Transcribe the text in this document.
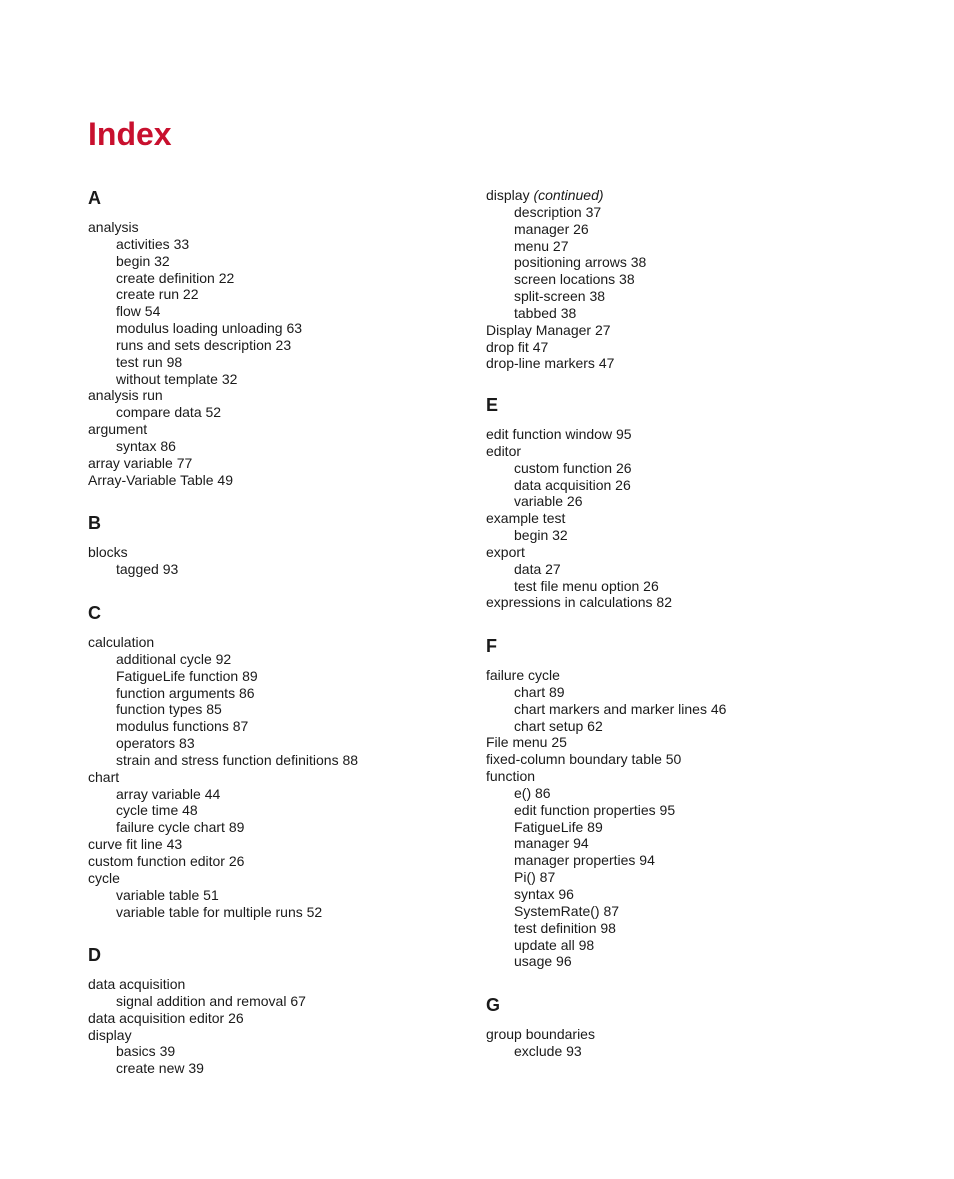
Index
A
analysis
activities 33
begin 32
create definition 22
create run 22
flow 54
modulus loading unloading 63
runs and sets description 23
test run 98
without template 32
analysis run
compare data 52
argument
syntax 86
array variable 77
Array-Variable Table 49
B
blocks
tagged 93
C
calculation
additional cycle 92
FatigueLife function 89
function arguments 86
function types 85
modulus functions 87
operators 83
strain and stress function definitions 88
chart
array variable 44
cycle time 48
failure cycle chart 89
curve fit line 43
custom function editor 26
cycle
variable table 51
variable table for multiple runs 52
D
data acquisition
signal addition and removal 67
data acquisition editor 26
display
basics 39
create new 39
display (continued)
description 37
manager 26
menu 27
positioning arrows 38
screen locations 38
split-screen 38
tabbed 38
Display Manager 27
drop fit 47
drop-line markers 47
E
edit function window 95
editor
custom function 26
data acquisition 26
variable 26
example test
begin 32
export
data 27
test file menu option 26
expressions in calculations 82
F
failure cycle
chart 89
chart markers and marker lines 46
chart setup 62
File menu 25
fixed-column boundary table 50
function
e() 86
edit function properties 95
FatigueLife 89
manager 94
manager properties 94
Pi() 87
syntax 96
SystemRate() 87
test definition 98
update all 98
usage 96
G
group boundaries
exclude 93
